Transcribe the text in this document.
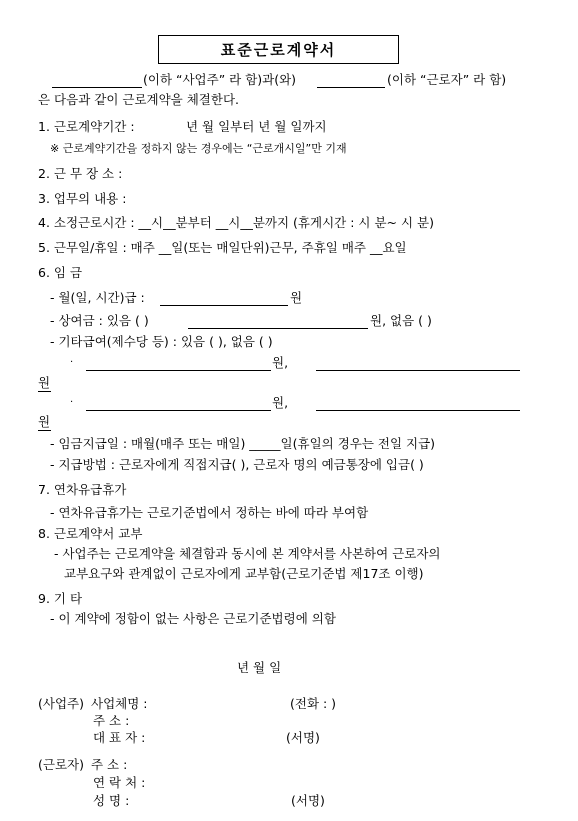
표준근로계약서
(이하 “사업주” 라 함)과(와)	(이하 “근로자” 라 함)
은 다음과 같이 근로계약을 체결한다.
1. 근로계약기간 :	년 월 일부터 년 월 일까지
※ 근로계약기간을 정하지 않는 경우에는 “근로개시일”만 기재
2. 근 무 장 소 :
3. 업무의 내용 :
4. 소정근로시간 : __시__분부터 __시__분까지 (휴게시간 : 시 분~ 시 분)
5. 근무일/휴일 : 매주 __일(또는 매일단위)근무, 주휴일 매주 __요일
6. 임 금
- 월(일, 시간)급 :	원
- 상여금 : 있음 ( )	원, 없음 ( )
- 기타급여(제수당 등) : 있음 ( ), 없음 ( )
·	원,
원
·	원,
원
- 임금지급일 : 매월(매주 또는 매일) _____일(휴일의 경우는 전일 지급)
- 지급방법 : 근로자에게 직접지급( ), 근로자 명의 예금통장에 입금( )
7. 연차유급휴가
- 연차유급휴가는 근로기준법에서 정하는 바에 따라 부여함
8. 근로계약서 교부
- 사업주는 근로계약을 체결함과 동시에 본 계약서를 사본하여 근로자의
교부요구와 관계없이 근로자에게 교부함(근로기준법 제17조 이행)
9. 기 타
- 이 계약에 정함이 없는 사항은 근로기준법령에 의함
년 월 일
(사업주) 사업체명 :	(전화 : )
주 소 :
대 표 자 :	(서명)
(근로자) 주 소 :
연 락 처 :
성 명 :	(서명)
